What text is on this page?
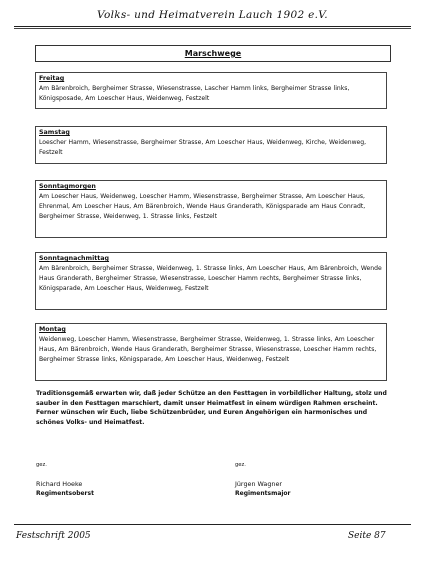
Volks- und Heimatverein Lauch 1902 e.V.
Marschwege
Freitag
Am Bärenbroich, Bergheimer Strasse, Wiesenstrasse, Lascher Hamm links, Bergheimer Strasse links, Königsposade, Am Loescher Haus, Weidenweg, Festzelt
Samstag
Loescher Hamm, Wiesenstrasse, Bergheimer Strasse, Am Loescher Haus, Weidenweg, Kirche, Weidenweg, Festzelt
Sonntagmorgen
Am Loescher Haus, Weidenweg, Loescher Hamm, Wiesenstrasse, Bergheimer Strasse, Am Loescher Haus, Ehrenmal, Am Loescher Haus, Am Bärenbroich, Wende Haus Granderath, Königsparade am Haus Conradt, Bergheimer Strasse, Weidenweg, 1. Strasse links, Festzelt
Sonntagnachmittag
Am Bärenbroich, Bergheimer Strasse, Weidenweg, 1. Strasse links, Am Loescher Haus, Am Bärenbroich, Wende Haus Granderath, Bergheimer Strasse, Wiesenstrasse, Loescher Hamm rechts, Bergheimer Strasse links, Königsparade, Am Loescher Haus, Weidenweg, Festzelt
Montag
Weidenweg, Loescher Hamm, Wiesenstrasse, Bergheimer Strasse, Weidenweg, 1. Strasse links, Am Loescher Haus, Am Bärenbroich, Wende Haus Granderath, Bergheimer Strasse, Wiesenstrasse, Loescher Hamm rechts, Bergheimer Strasse links, Königsparade, Am Loescher Haus, Weidenweg, Festzelt
Traditionsgemäß erwarten wir, daß jeder Schütze an den Festtagen in vorbildlicher Haltung, stolz und sauber in den Festtagen marschiert, damit unser Heimatfest in einem würdigen Rahmen erscheint.
Ferner wünschen wir Euch, liebe Schützenbrüder, und Euren Angehörigen ein harmonisches und schönes Volks- und Heimatfest.
gez.
Richard Hoeke
Regimentsoberst
gez.
Jürgen Wagner
Regimentsmajor
Festschrift 2005	Seite 87
